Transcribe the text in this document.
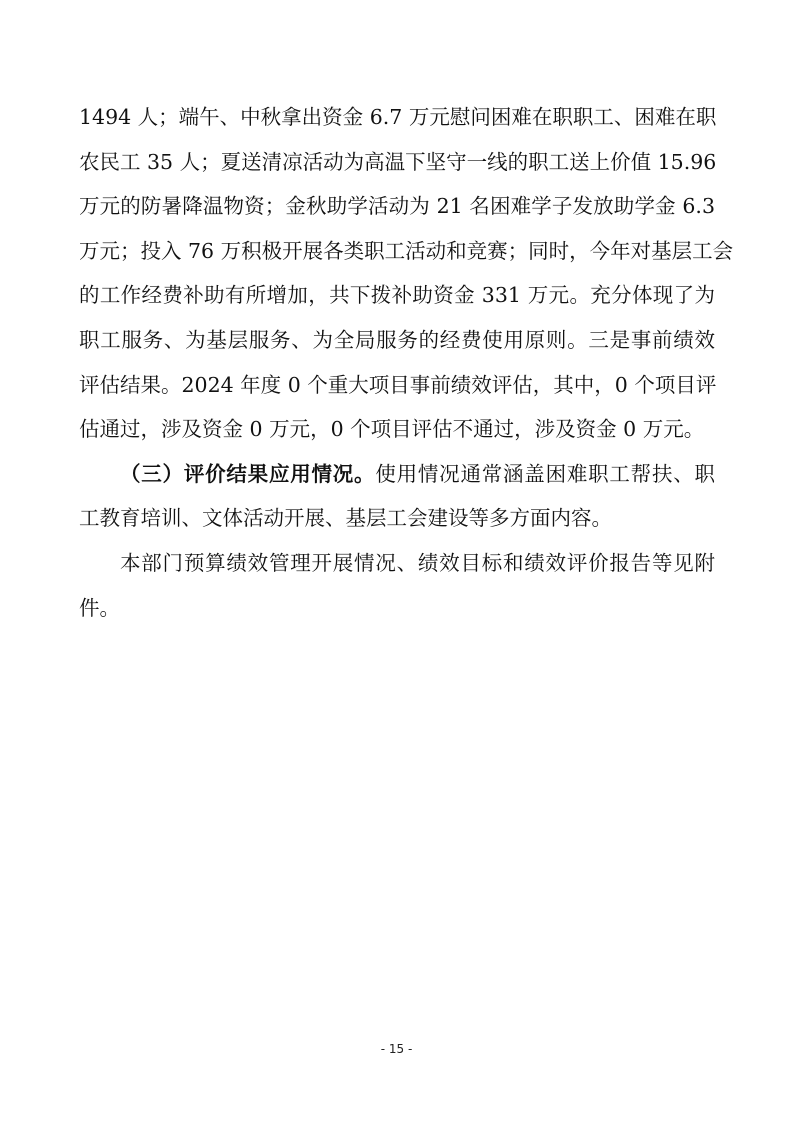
1494 人；端午、中秋拿出资金 6.7 万元慰问困难在职职工、困难在职
农民工 35 人；夏送清凉活动为高温下坚守一线的职工送上价值 15.96
万元的防暑降温物资；金秋助学活动为 21 名困难学子发放助学金 6.3
万元；投入 76 万积极开展各类职工活动和竞赛；同时，今年对基层工会
的工作经费补助有所增加，共下拨补助资金 331 万元。充分体现了为
职工服务、为基层服务、为全局服务的经费使用原则。三是事前绩效
评估结果。2024 年度 0 个重大项目事前绩效评估，其中，0 个项目评
估通过，涉及资金 0 万元，0 个项目评估不通过，涉及资金 0 万元。
（三）评价结果应用情况。使用情况通常涵盖困难职工帮扶、职
工教育培训、文体活动开展、基层工会建设等多方面内容。
本部门预算绩效管理开展情况、绩效目标和绩效评价报告等见附
件。
- 15 -
